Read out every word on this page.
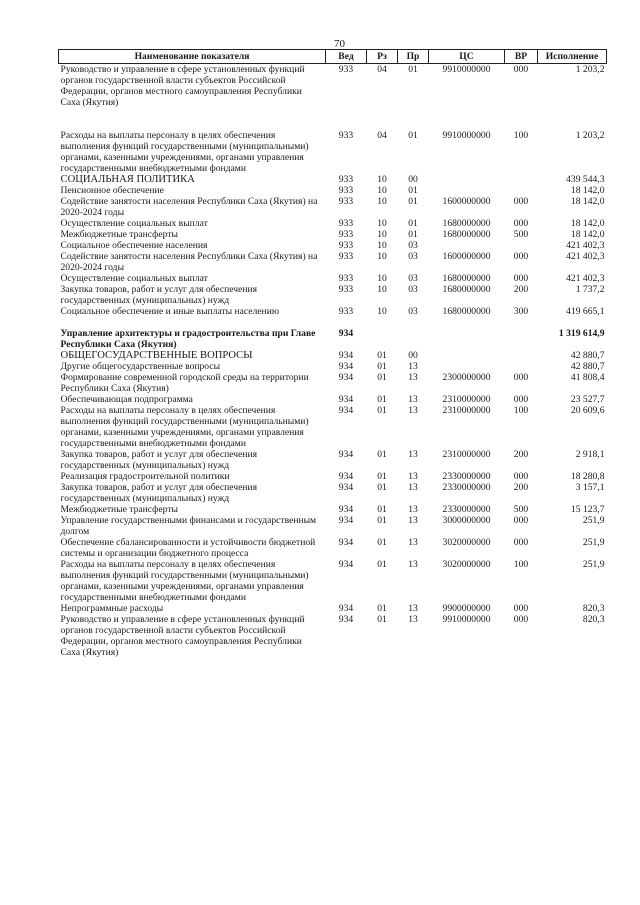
70
Наименование показателя	Вед	Рз	Пр	ЦС	ВР	Исполнение
Руководство и управление в сфере установленных функций органов государственной власти субъектов Российской Федерации, органов местного самоуправления Республики Саха (Якутия)	933	04	01	9910000000	000	1 203,2

Расходы на выплаты персоналу в целях обеспечения выполнения функций государственными (муниципальными) органами, казенными учреждениями, органами управления государственными внебюджетными фондами	933	04	01	9910000000	100	1 203,2
СОЦИАЛЬНАЯ ПОЛИТИКА	933	10	00			439 544,3
Пенсионное обеспечение	933	10	01			18 142,0
Содействие занятости населения Республики Саха (Якутия) на 2020-2024 годы	933	10	01	1600000000	000	18 142,0
Осуществление социальных выплат	933	10	01	1680000000	000	18 142,0
Межбюджетные трансферты	933	10	01	1680000000	500	18 142,0
Социальное обеспечение населения	933	10	03			421 402,3
Содействие занятости населения Республики Саха (Якутия) на 2020-2024 годы	933	10	03	1600000000	000	421 402,3
Осуществление социальных выплат	933	10	03	1680000000	000	421 402,3
Закупка товаров, работ и услуг для обеспечения государственных (муниципальных) нужд	933	10	03	1680000000	200	1 737,2
Социальное обеспечение и иные выплаты населению	933	10	03	1680000000	300	419 665,1

Управление архитектуры и градостроительства при Главе Республики Саха (Якутия)	934					1 319 614,9
ОБЩЕГОСУДАРСТВЕННЫЕ ВОПРОСЫ	934	01	00			42 880,7
Другие общегосударственные вопросы	934	01	13			42 880,7
Формирование современной городской среды на территории Республики Саха (Якутия)	934	01	13	2300000000	000	41 808,4
Обеспечивающая подпрограмма	934	01	13	2310000000	000	23 527,7
Расходы на выплаты персоналу в целях обеспечения выполнения функций государственными (муниципальными) органами, казенными учреждениями, органами управления государственными внебюджетными фондами	934	01	13	2310000000	100	20 609,6
Закупка товаров, работ и услуг для обеспечения государственных (муниципальных) нужд	934	01	13	2310000000	200	2 918,1
Реализация градостроительной политики	934	01	13	2330000000	000	18 280,8
Закупка товаров, работ и услуг для обеспечения государственных (муниципальных) нужд	934	01	13	2330000000	200	3 157,1
Межбюджетные трансферты	934	01	13	2330000000	500	15 123,7
Управление государственными финансами и государственным долгом	934	01	13	3000000000	000	251,9
Обеспечение сбалансированности и устойчивости бюджетной системы и организации бюджетного процесса	934	01	13	3020000000	000	251,9
Расходы на выплаты персоналу в целях обеспечения выполнения функций государственными (муниципальными) органами, казенными учреждениями, органами управления государственными внебюджетными фондами	934	01	13	3020000000	100	251,9
Непрограммные расходы	934	01	13	9900000000	000	820,3
Руководство и управление в сфере установленных функций органов государственной власти субъектов Российской Федерации, органов местного самоуправления Республики Саха (Якутия)	934	01	13	9910000000	000	820,3
